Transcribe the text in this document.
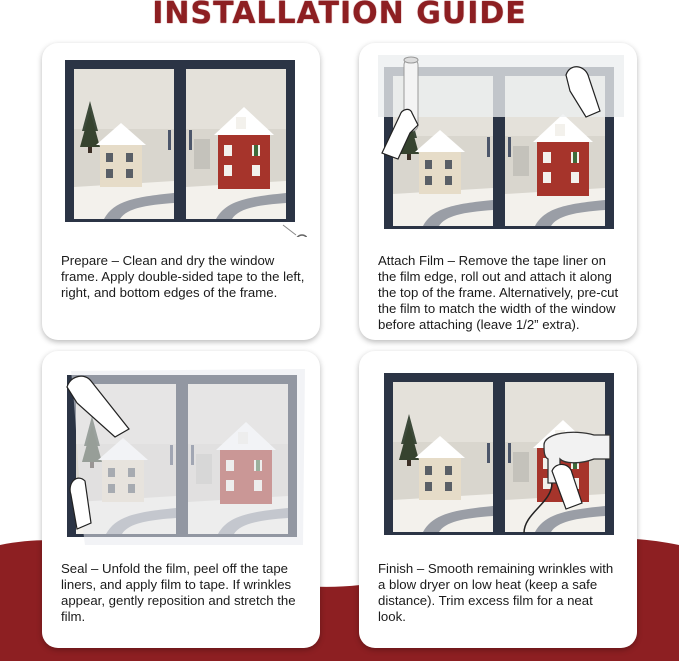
INSTALLATION GUIDE

Prepare – Clean and dry the window frame. Apply double-sided tape to the left, right, and bottom edges of the frame.

Attach Film – Remove the tape liner on the film edge, roll out and attach it along the top of the frame. Alternatively, pre-cut the film to match the width of the window before attaching (leave 1/2” extra).

Seal – Unfold the film, peel off the tape liners, and apply film to tape. If wrinkles appear, gently reposition and stretch the film.

Finish – Smooth remaining wrinkles with a blow dryer on low heat (keep a safe distance). Trim excess film for a neat look.
